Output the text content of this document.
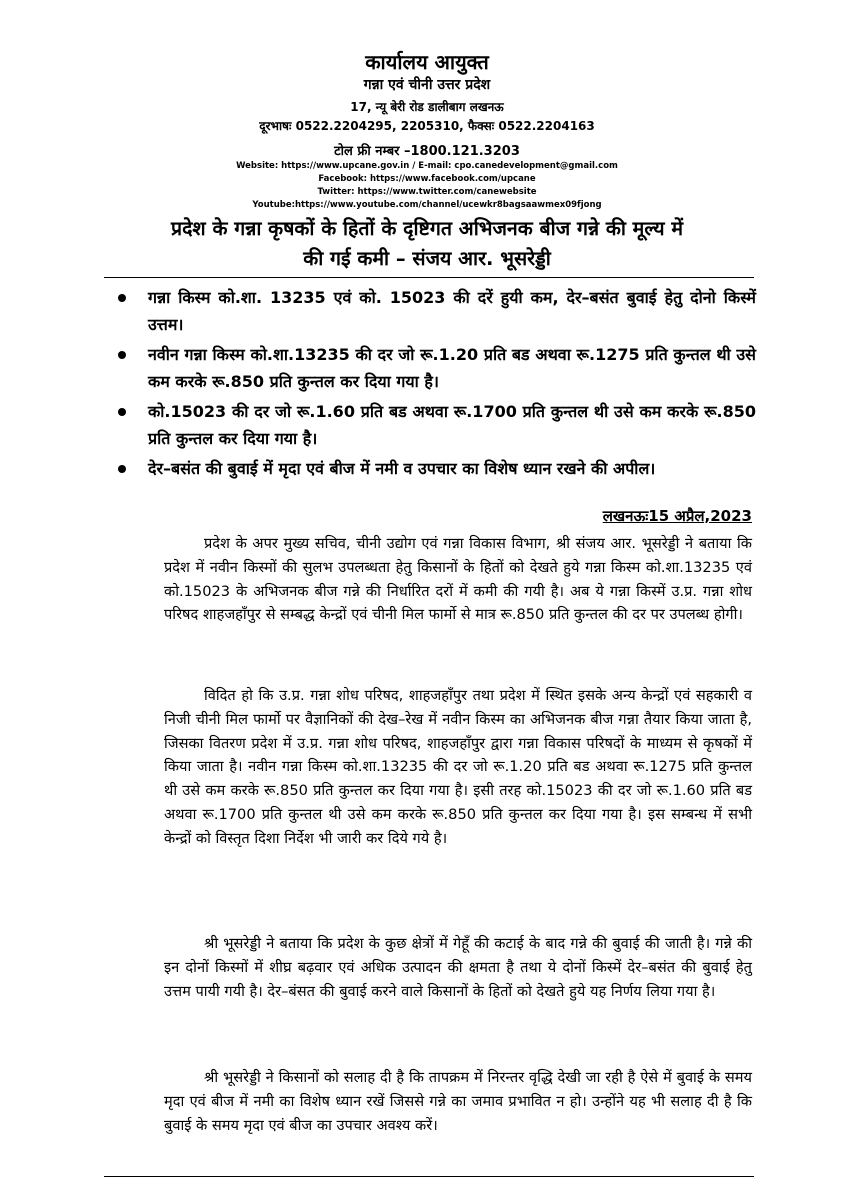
कार्यालय आयुक्त
गन्ना एवं चीनी उत्तर प्रदेश
17, न्यू बेरी रोड डालीबाग लखनऊ
दूरभाषः 0522.2204295, 2205310, फैक्सः 0522.2204163
टोल फ्री नम्बर –1800.121.3203
Website: https://www.upcane.gov.in / E-mail: cpo.canedevelopment@gmail.com
Facebook: https://www.facebook.com/upcane
Twitter: https://www.twitter.com/canewebsite
Youtube:https://www.youtube.com/channel/ucewkr8bagsaawmex09fjong
प्रदेश के गन्ना कृषकों के हितों के दृष्टिगत अभिजनक बीज गन्ने की मूल्य में
की गई कमी – संजय आर. भूसरेड्डी
गन्ना किस्म को.शा. 13235 एवं को. 15023 की दरें हुयी कम, देर–बसंत बुवाई हेतु दोनो किस्में उत्तम।
नवीन गन्ना किस्म को.शा.13235 की दर जो रू.1.20 प्रति बड अथवा रू.1275 प्रति कुन्तल थी उसे कम करके रू.850 प्रति कुन्तल कर दिया गया है।
को.15023 की दर जो रू.1.60 प्रति बड अथवा रू.1700 प्रति कुन्तल थी उसे कम करके रू.850 प्रति कुन्तल कर दिया गया है।
देर–बसंत की बुवाई में मृदा एवं बीज में नमी व उपचार का विशेष ध्यान रखने की अपील।
लखनऊः15 अप्रैल,2023
प्रदेश के अपर मुख्य सचिव, चीनी उद्योग एवं गन्ना विकास विभाग, श्री संजय आर. भूसरेड्डी ने बताया कि प्रदेश में नवीन किस्मों की सुलभ उपलब्धता हेतु किसानों के हितों को देखते हुये गन्ना किस्म को.शा.13235 एवं को.15023 के अभिजनक बीज गन्ने की निर्धारित दरों में कमी की गयी है। अब ये गन्ना किस्में उ.प्र. गन्ना शोध परिषद शाहजहाँपुर से सम्बद्ध केन्द्रों एवं चीनी मिल फार्मो से मात्र रू.850 प्रति कुन्तल की दर पर उपलब्ध होगी।
विदित हो कि उ.प्र. गन्ना शोध परिषद, शाहजहाँपुर तथा प्रदेश में स्थित इसके अन्य केन्द्रों एवं सहकारी व निजी चीनी मिल फार्मो पर वैज्ञानिकों की देख–रेख में नवीन किस्म का अभिजनक बीज गन्ना तैयार किया जाता है, जिसका वितरण प्रदेश में उ.प्र. गन्ना शोध परिषद, शाहजहाँपुर द्वारा गन्ना विकास परिषदों के माध्यम से कृषकों में किया जाता है। नवीन गन्ना किस्म को.शा.13235 की दर जो रू.1.20 प्रति बड अथवा रू.1275 प्रति कुन्तल थी उसे कम करके रू.850 प्रति कुन्तल कर दिया गया है। इसी तरह को.15023 की दर जो रू.1.60 प्रति बड अथवा रू.1700 प्रति कुन्तल थी उसे कम करके रू.850 प्रति कुन्तल कर दिया गया है। इस सम्बन्ध में सभी केन्द्रों को विस्तृत दिशा निर्देश भी जारी कर दिये गये है।
श्री भूसरेड्डी ने बताया कि प्रदेश के कुछ क्षेत्रों में गेहूँ की कटाई के बाद गन्ने की बुवाई की जाती है। गन्ने की इन दोनों किस्मों में शीघ्र बढ़वार एवं अधिक उत्पादन की क्षमता है तथा ये दोनों किस्में देर–बसंत की बुवाई हेतु उत्तम पायी गयी है। देर–बंसत की बुवाई करने वाले किसानों के हितों को देखते हुये यह निर्णय लिया गया है।
श्री भूसरेड्डी ने किसानों को सलाह दी है कि तापक्रम में निरन्तर वृद्धि देखी जा रही है ऐसे में बुवाई के समय मृदा एवं बीज में नमी का विशेष ध्यान रखें जिससे गन्ने का जमाव प्रभावित न हो। उन्होंने यह भी सलाह दी है कि बुवाई के समय मृदा एवं बीज का उपचार अवश्य करें।
